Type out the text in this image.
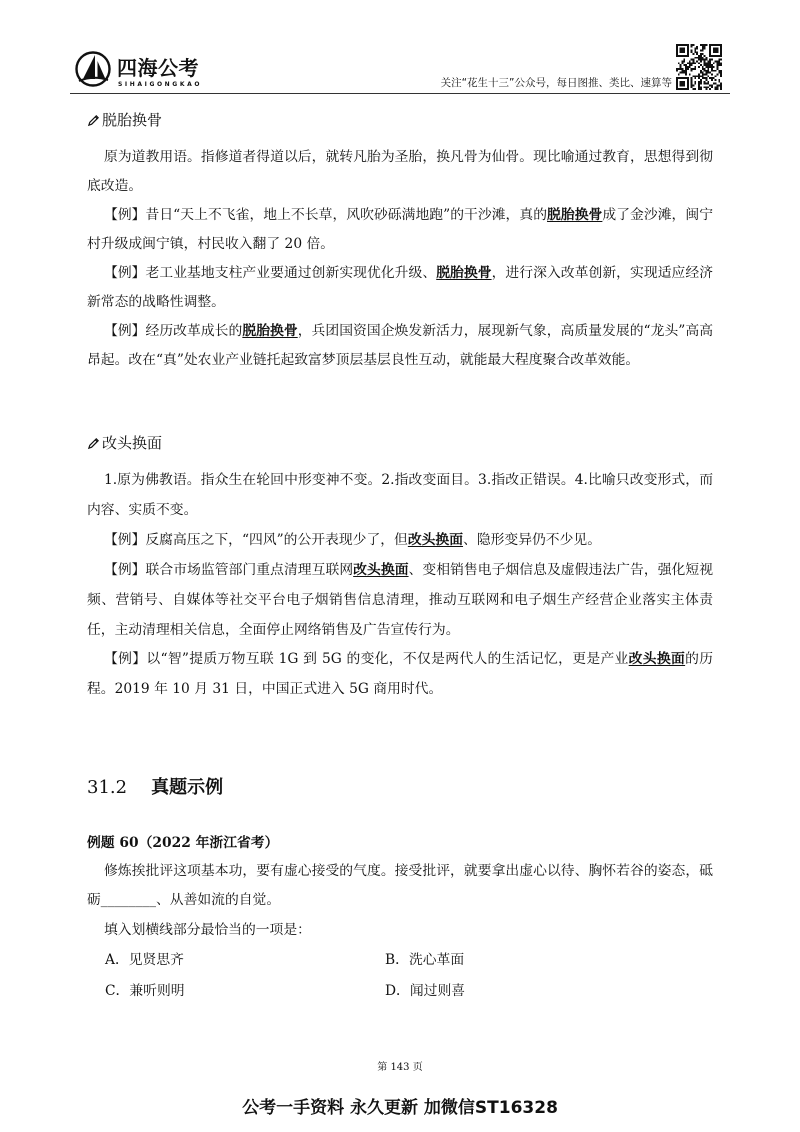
四海公考
SIHAIGONGKAO	关注“花生十三”公众号，每日图推、类比、速算等
脱胎换骨

原为道教用语。指修道者得道以后，就转凡胎为圣胎，换凡骨为仙骨。现比喻通过教育，思想得到彻底改造。

【例】昔日“天上不飞雀，地上不长草，风吹砂砾满地跑”的干沙滩，真的脱胎换骨成了金沙滩，闽宁村升级成闽宁镇，村民收入翻了 20 倍。

【例】老工业基地支柱产业要通过创新实现优化升级、脱胎换骨，进行深入改革创新，实现适应经济新常态的战略性调整。

【例】经历改革成长的脱胎换骨，兵团国资国企焕发新活力，展现新气象，高质量发展的“龙头”高高昂起。改在“真”处农业产业链托起致富梦顶层基层良性互动，就能最大程度聚合改革效能。

改头换面

1.原为佛教语。指众生在轮回中形变神不变。2.指改变面目。3.指改正错误。4.比喻只改变形式，而内容、实质不变。

【例】反腐高压之下，“四风”的公开表现少了，但改头换面、隐形变异仍不少见。

【例】联合市场监管部门重点清理互联网改头换面、变相销售电子烟信息及虚假违法广告，强化短视频、营销号、自媒体等社交平台电子烟销售信息清理，推动互联网和电子烟生产经营企业落实主体责任，主动清理相关信息，全面停止网络销售及广告宣传行为。

【例】以“智”提质万物互联 1G 到 5G 的变化，不仅是两代人的生活记忆，更是产业改头换面的历程。2019 年 10 月 31 日，中国正式进入 5G 商用时代。

31.2 真题示例
例题 60（2022 年浙江省考）

修炼挨批评这项基本功，要有虚心接受的气度。接受批评，就要拿出虚心以待、胸怀若谷的姿态，砥砺________、从善如流的自觉。

填入划横线部分最恰当的一项是：

A．见贤思齐	B．洗心革面
C．兼听则明	D．闻过则喜
第 143 页
公考一手资料 永久更新 加微信ST16328
